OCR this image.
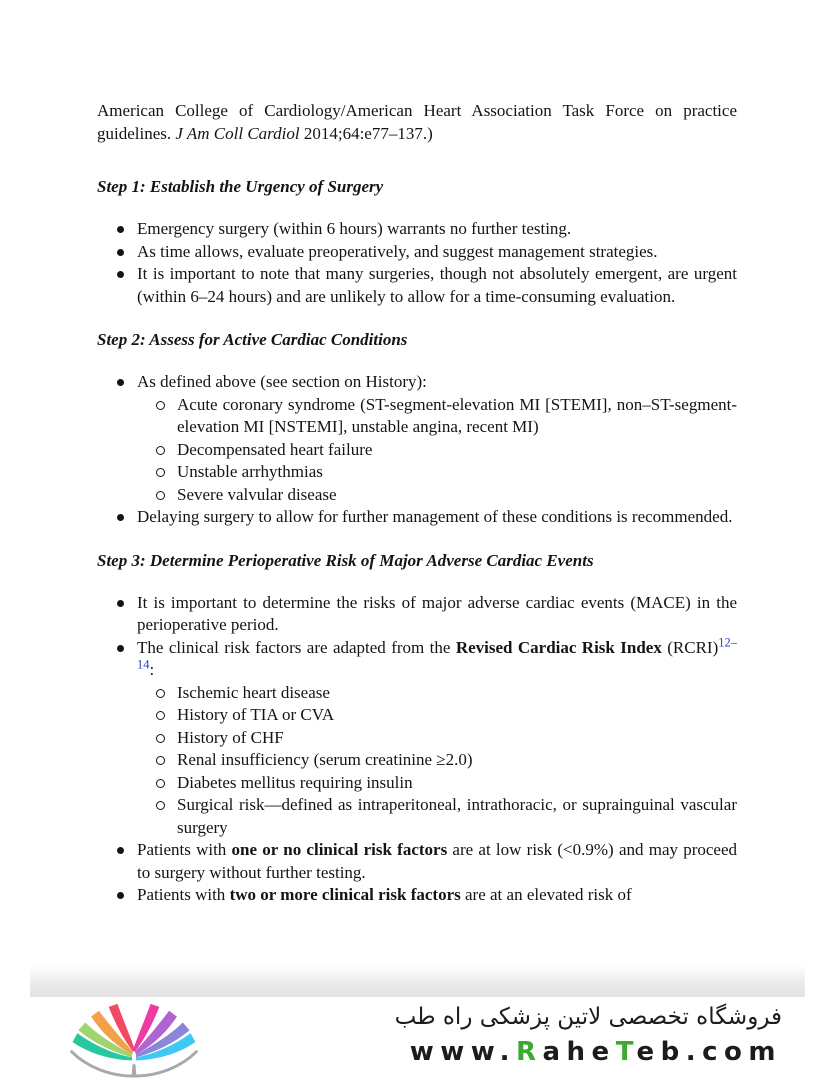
American College of Cardiology/American Heart Association Task Force on practice guidelines. J Am Coll Cardiol 2014;64:e77–137.)

Step 1: Establish the Urgency of Surgery
Emergency surgery (within 6 hours) warrants no further testing.
As time allows, evaluate preoperatively, and suggest management strategies.
It is important to note that many surgeries, though not absolutely emergent, are urgent (within 6–24 hours) and are unlikely to allow for a time-consuming evaluation.
Step 2: Assess for Active Cardiac Conditions
As defined above (see section on History):
Acute coronary syndrome (ST-segment-elevation MI [STEMI], non–ST-segment-elevation MI [NSTEMI], unstable angina, recent MI)
Decompensated heart failure
Unstable arrhythmias
Severe valvular disease
Delaying surgery to allow for further management of these conditions is recommended.
Step 3: Determine Perioperative Risk of Major Adverse Cardiac Events
It is important to determine the risks of major adverse cardiac events (MACE) in the perioperative period.
The clinical risk factors are adapted from the Revised Cardiac Risk Index (RCRI)$^{12-14}$:
Ischemic heart disease
History of TIA or CVA
History of CHF
Renal insufficiency (serum creatinine ≥2.0)
Diabetes mellitus requiring insulin
Surgical risk—defined as intraperitoneal, intrathoracic, or suprainguinal vascular surgery
Patients with one or no clinical risk factors are at low risk (<0.9%) and may proceed to surgery without further testing.
Patients with two or more clinical risk factors are at an elevated risk of
فروشگاه تخصصی لاتین پزشکی راه طب
www.RaheTeb.com
